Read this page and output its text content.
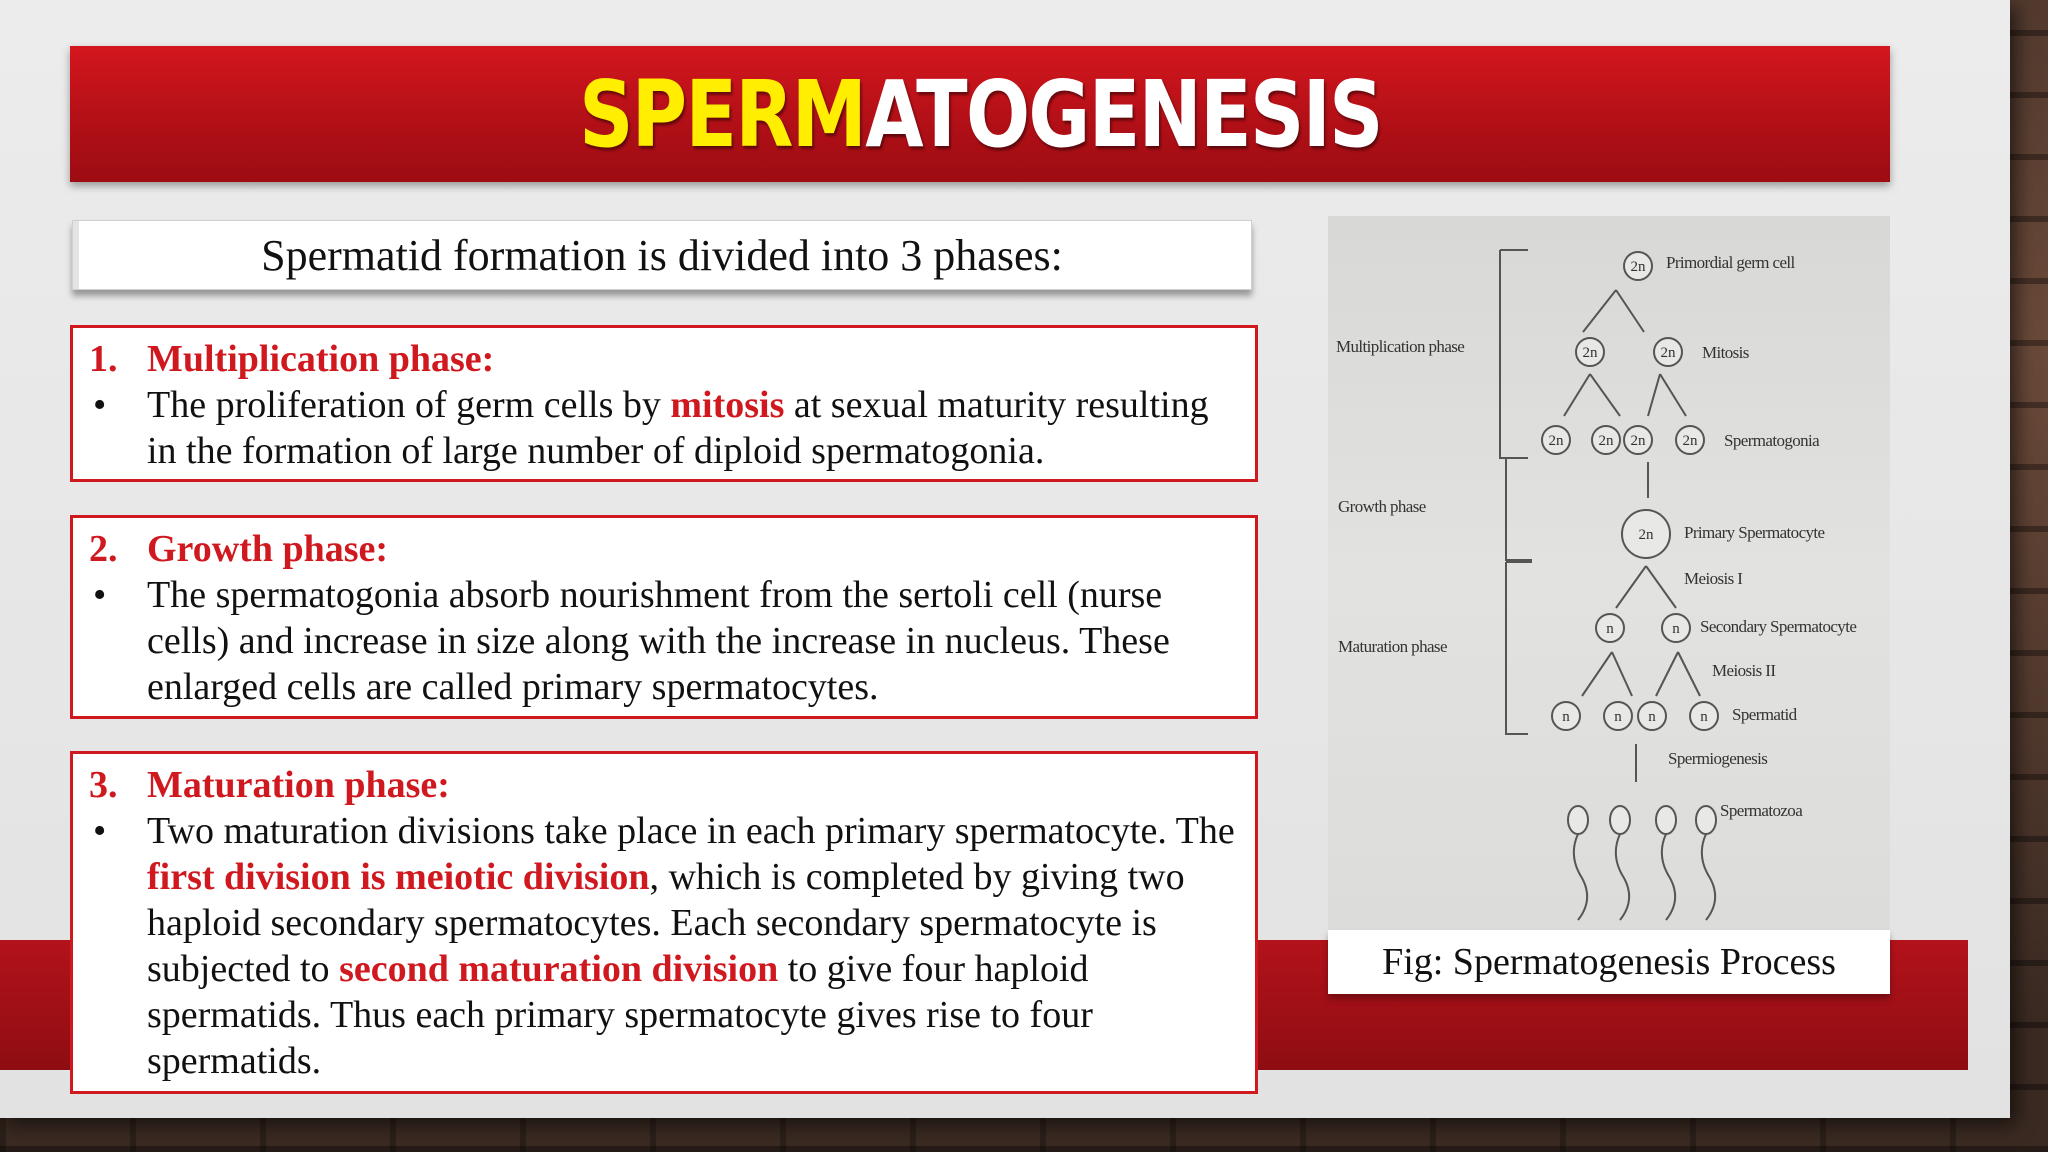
SPERMATOGENESIS
Spermatid formation is divided into 3 phases:
1. Multiplication phase:
•	The proliferation of germ cells by mitosis at sexual maturity resulting in the formation of large number of diploid spermatogonia.
2. Growth phase:
•	The spermatogonia absorb nourishment from the sertoli cell (nurse cells) and increase in size along with the increase in nucleus. These enlarged cells are called primary spermatocytes.
3. Maturation phase:
•	Two maturation divisions take place in each primary spermatocyte. The first division is meiotic division, which is completed by giving two haploid secondary spermatocytes. Each secondary spermatocyte is subjected to second maturation division to give four haploid spermatids. Thus each primary spermatocyte gives rise to four spermatids.
2n
2n	2n
2n 2n 2n 2n
2n
n	n
n	n n	n
Multiplication phase
Growth phase
Maturation phase
Primordial germ cell
Mitosis
Spermatogonia
Primary Spermatocyte
Meiosis I
Secondary Spermatocyte
Meiosis II
Spermatid
Spermiogenesis
Spermatozoa
Fig: Spermatogenesis Process
